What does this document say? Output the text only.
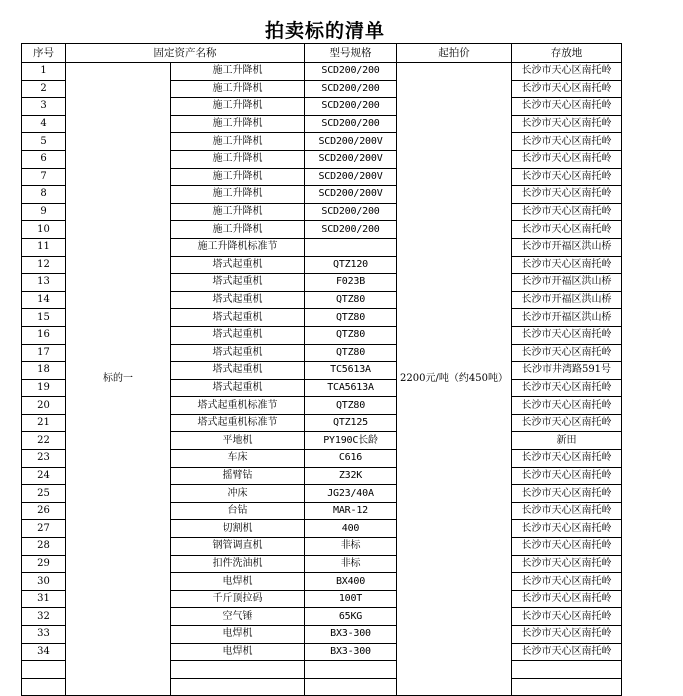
拍卖标的清单
序号	固定资产名称		型号规格	起拍价	存放地
1	标的一	施工升降机	SCD200/200	2200元/吨（约450吨）	长沙市天心区南托岭
2		施工升降机	SCD200/200		长沙市天心区南托岭
3		施工升降机	SCD200/200		长沙市天心区南托岭
4		施工升降机	SCD200/200		长沙市天心区南托岭
5		施工升降机	SCD200/200V		长沙市天心区南托岭
6		施工升降机	SCD200/200V		长沙市天心区南托岭
7		施工升降机	SCD200/200V		长沙市天心区南托岭
8		施工升降机	SCD200/200V		长沙市天心区南托岭
9		施工升降机	SCD200/200		长沙市天心区南托岭
10		施工升降机	SCD200/200		长沙市天心区南托岭
11		施工升降机标准节			长沙市开福区洪山桥
12		塔式起重机	QTZ120		长沙市天心区南托岭
13		塔式起重机	F023B		长沙市开福区洪山桥
14		塔式起重机	QTZ80		长沙市开福区洪山桥
15		塔式起重机	QTZ80		长沙市开福区洪山桥
16		塔式起重机	QTZ80		长沙市天心区南托岭
17		塔式起重机	QTZ80		长沙市天心区南托岭
18		塔式起重机	TC5613A		长沙市井湾路591号
19		塔式起重机	TCA5613A		长沙市天心区南托岭
20		塔式起重机标准节	QTZ80		长沙市天心区南托岭
21		塔式起重机标准节	QTZ125		长沙市天心区南托岭
22		平地机	PY190C长龄		新田
23		车床	C616		长沙市天心区南托岭
24		摇臂钻	Z32K		长沙市天心区南托岭
25		冲床	JG23/40A		长沙市天心区南托岭
26		台钻	MAR-12		长沙市天心区南托岭
27		切割机	400		长沙市天心区南托岭
28		钢管调直机	非标		长沙市天心区南托岭
29		扣件洗油机	非标		长沙市天心区南托岭
30		电焊机	BX400		长沙市天心区南托岭
31		千斤顶拉码	100T		长沙市天心区南托岭
32		空气锤	65KG		长沙市天心区南托岭
33		电焊机	BX3-300		长沙市天心区南托岭
34		电焊机	BX3-300		长沙市天心区南托岭
